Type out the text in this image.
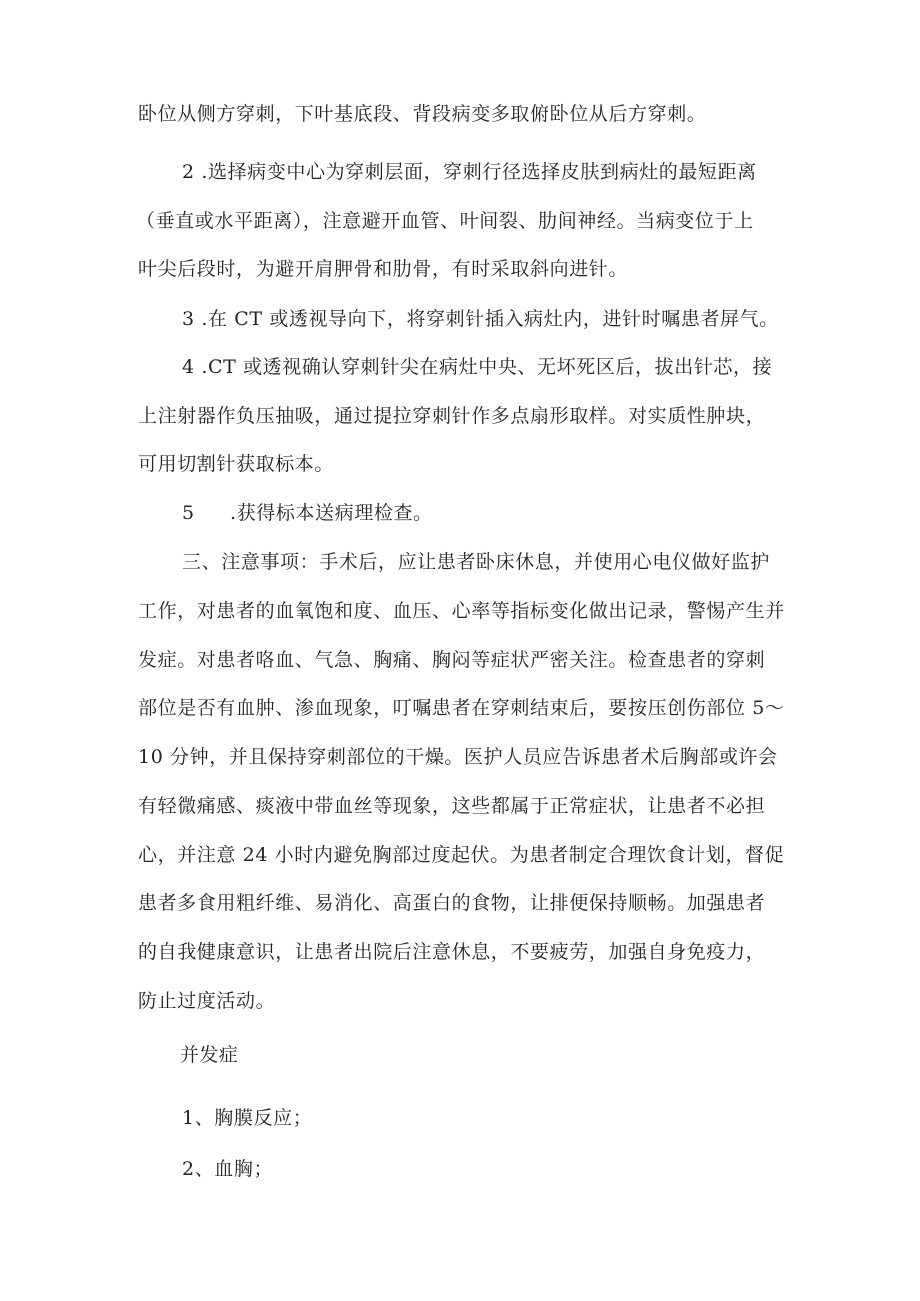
卧位从侧方穿刺，下叶基底段、背段病变多取俯卧位从后方穿刺。
2 .选择病变中心为穿刺层面，穿刺行径选择皮肤到病灶的最短距离
（垂直或水平距离），注意避开血管、叶间裂、肋间神经。当病变位于上
叶尖后段时，为避开肩胛骨和肋骨，有时采取斜向进针。
3 .在 CT 或透视导向下，将穿刺针插入病灶内，进针时嘱患者屏气。
4 .CT 或透视确认穿刺针尖在病灶中央、无坏死区后，拔出针芯，接
上注射器作负压抽吸，通过提拉穿刺针作多点扇形取样。对实质性肿块，
可用切割针获取标本。
5 .获得标本送病理检查。
三、注意事项：手术后，应让患者卧床休息，并使用心电仪做好监护
工作，对患者的血氧饱和度、血压、心率等指标变化做出记录，警惕产生并
发症。对患者咯血、气急、胸痛、胸闷等症状严密关注。检查患者的穿刺
部位是否有血肿、渗血现象，叮嘱患者在穿刺结束后，要按压创伤部位 5～
10 分钟，并且保持穿刺部位的干燥。医护人员应告诉患者术后胸部或许会
有轻微痛感、痰液中带血丝等现象，这些都属于正常症状，让患者不必担
心，并注意 24 小时内避免胸部过度起伏。为患者制定合理饮食计划，督促
患者多食用粗纤维、易消化、高蛋白的食物，让排便保持顺畅。加强患者
的自我健康意识，让患者出院后注意休息，不要疲劳，加强自身免疫力，
防止过度活动。
并发症
1、胸膜反应；
2、血胸；
